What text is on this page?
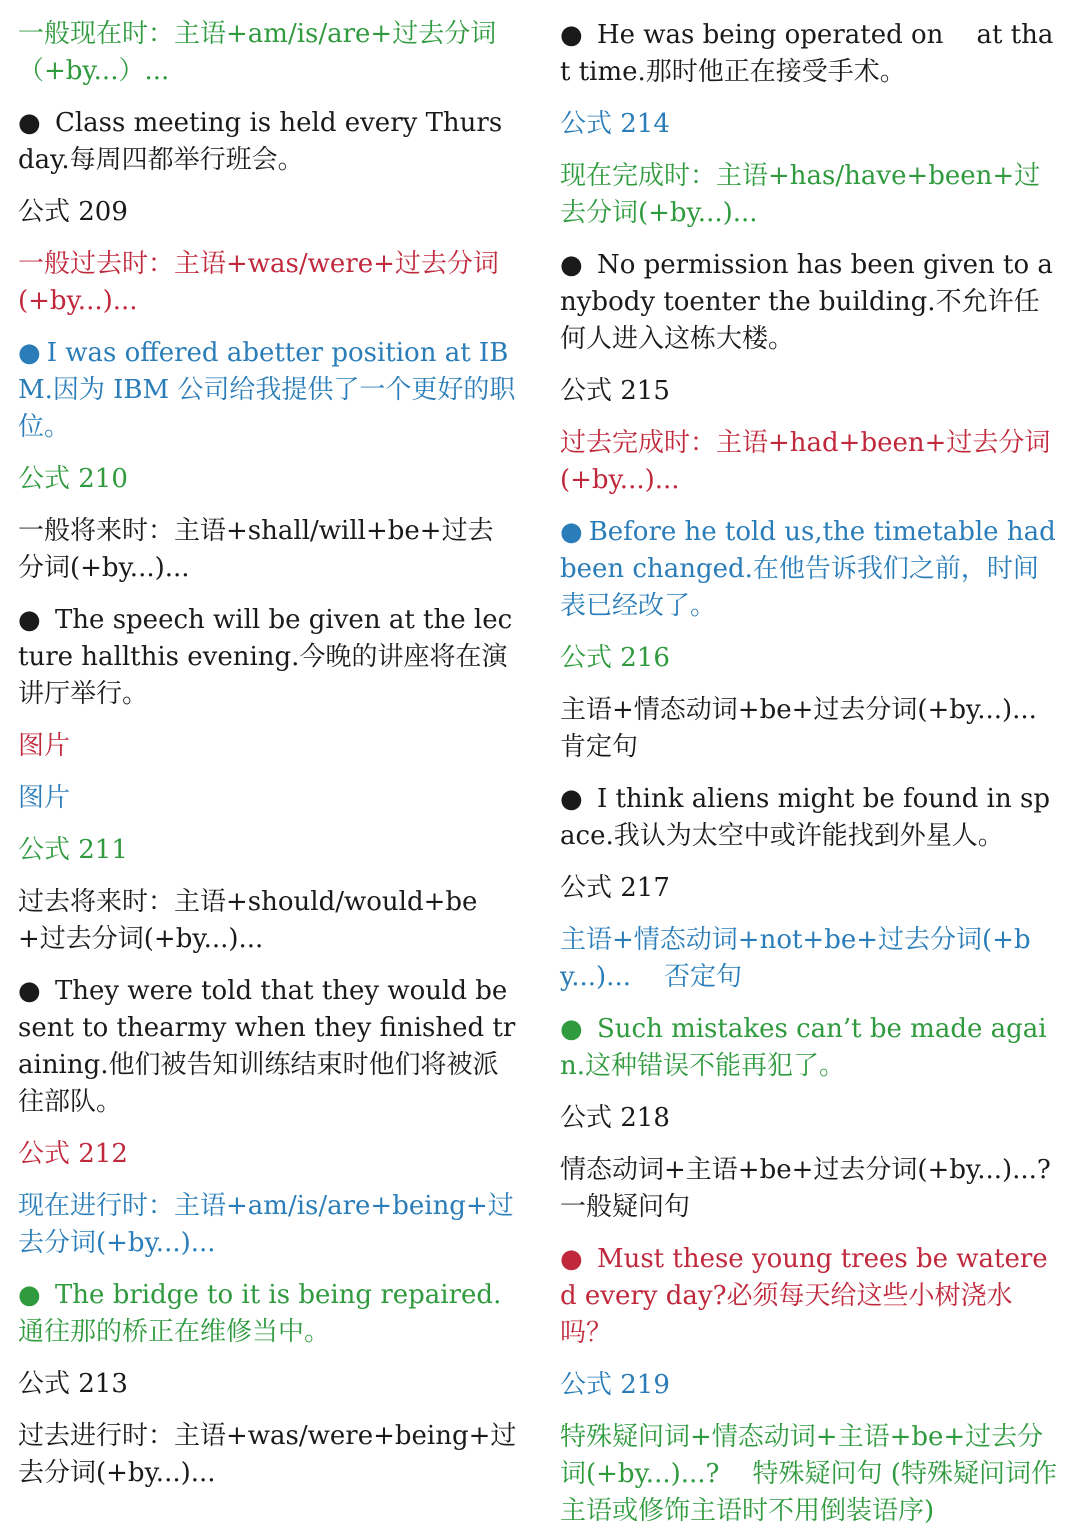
一般现在时：主语+am/is/are+过去分词（+by...）...

● Class meeting is held every Thursday.每周四都举行班会。

公式 209

一般过去时：主语+was/were+过去分词(+by...)...

● I was offered abetter position at IBM.因为 IBM 公司给我提供了一个更好的职位。

公式 210

一般将来时：主语+shall/will+be+过去分词(+by...)...

● The speech will be given at the lecture hallthis evening.今晚的讲座将在演讲厅举行。

图片

图片

公式 211

过去将来时：主语+should/would+be+过去分词(+by...)...

● They were told that they would be sent to thearmy when they finished training.他们被告知训练结束时他们将被派往部队。

公式 212

现在进行时：主语+am/is/are+being+过去分词(+by...)...

● The bridge to it is being repaired.通往那的桥正在维修当中。

公式 213

过去进行时：主语+was/were+being+过去分词(+by...)...

● He was being operated on    at that time.那时他正在接受手术。

公式 214

现在完成时：主语+has/have+been+过去分词(+by...)...

● No permission has been given to anybody toenter the building.不允许任何人进入这栋大楼。

公式 215

过去完成时：主语+had+been+过去分词(+by...)...

● Before he told us,the timetable had been changed.在他告诉我们之前，时间表已经改了。

公式 216

主语+情态动词+be+过去分词(+by...)...肯定句

● I think aliens might be found in space.我认为太空中或许能找到外星人。

公式 217

主语+情态动词+not+be+过去分词(+by...)...    否定句

● Such mistakes can’t be made again.这种错误不能再犯了。

公式 218

情态动词+主语+be+过去分词(+by...)...?一般疑问句

● Must these young trees be watered every day?必须每天给这些小树浇水吗？

公式 219

特殊疑问词+情态动词+主语+be+过去分词(+by...)...?    特殊疑问句 (特殊疑问词作主语或修饰主语时不用倒装语序)
